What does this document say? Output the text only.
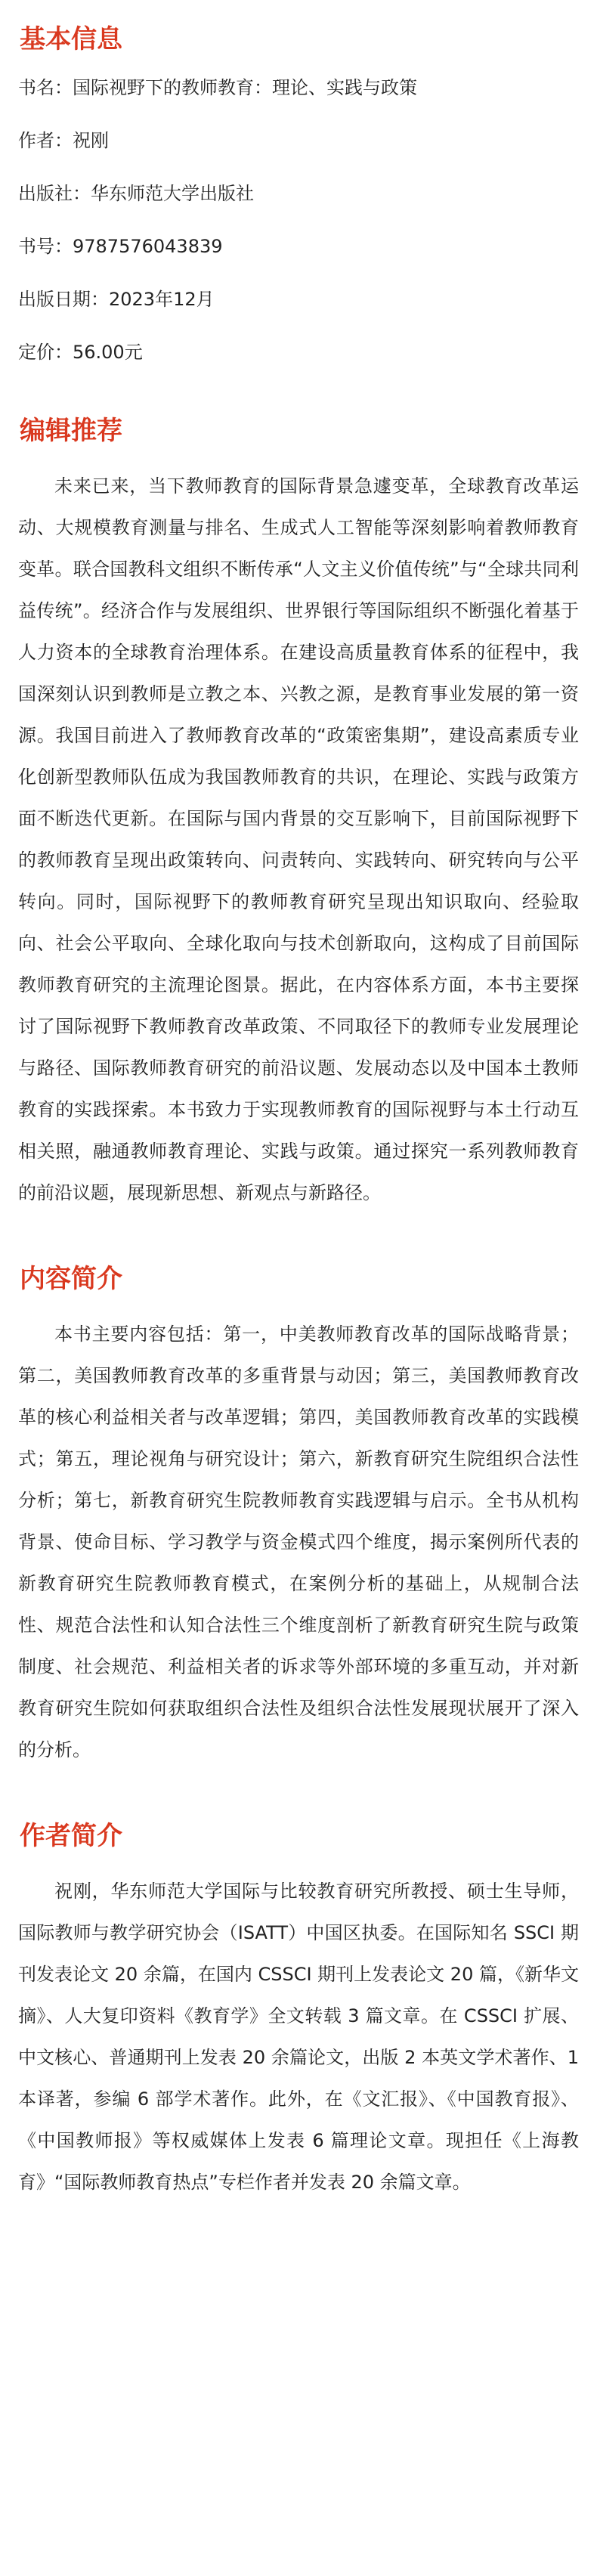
基本信息
书名：国际视野下的教师教育：理论、实践与政策
作者：祝刚
出版社：华东师范大学出版社
书号：9787576043839
出版日期：2023年12月
定价：56.00元
编辑推荐

未来已来，当下教师教育的国际背景急遽变革，全球教育改革运动、大规模教育测量与排名、生成式人工智能等深刻影响着教师教育变革。联合国教科文组织不断传承“人文主义价值传统”与“全球共同利益传统”。经济合作与发展组织、世界银行等国际组织不断强化着基于人力资本的全球教育治理体系。在建设高质量教育体系的征程中，我国深刻认识到教师是立教之本、兴教之源，是教育事业发展的第一资源。我国目前进入了教师教育改革的“政策密集期”，建设高素质专业化创新型教师队伍成为我国教师教育的共识，在理论、实践与政策方面不断迭代更新。在国际与国内背景的交互影响下，目前国际视野下的教师教育呈现出政策转向、问责转向、实践转向、研究转向与公平转向。同时，国际视野下的教师教育研究呈现出知识取向、经验取向、社会公平取向、全球化取向与技术创新取向，这构成了目前国际教师教育研究的主流理论图景。据此，在内容体系方面，本书主要探讨了国际视野下教师教育改革政策、不同取径下的教师专业发展理论与路径、国际教师教育研究的前沿议题、发展动态以及中国本土教师教育的实践探索。本书致力于实现教师教育的国际视野与本土行动互相关照，融通教师教育理论、实践与政策。通过探究一系列教师教育的前沿议题，展现新思想、新观点与新路径。

内容简介

本书主要内容包括：第一，中美教师教育改革的国际战略背景；第二，美国教师教育改革的多重背景与动因；第三，美国教师教育改革的核心利益相关者与改革逻辑；第四，美国教师教育改革的实践模式；第五，理论视角与研究设计；第六，新教育研究生院组织合法性分析；第七，新教育研究生院教师教育实践逻辑与启示。全书从机构背景、使命目标、学习教学与资金模式四个维度，揭示案例所代表的新教育研究生院教师教育模式，在案例分析的基础上，从规制合法性、规范合法性和认知合法性三个维度剖析了新教育研究生院与政策制度、社会规范、利益相关者的诉求等外部环境的多重互动，并对新教育研究生院如何获取组织合法性及组织合法性发展现状展开了深入的分析。

作者简介

祝刚，华东师范大学国际与比较教育研究所教授、硕士生导师，国际教师与教学研究协会（ISATT）中国区执委。在国际知名 SSCI 期刊发表论文 20 余篇，在国内 CSSCI 期刊上发表论文 20 篇，《新华文摘》、人大复印资料《教育学》全文转载 3 篇文章。在 CSSCI 扩展、中文核心、普通期刊上发表 20 余篇论文，出版 2 本英文学术著作、1 本译著，参编 6 部学术著作。此外，在《文汇报》、《中国教育报》、《中国教师报》等权威媒体上发表 6 篇理论文章。现担任《上海教育》“国际教师教育热点”专栏作者并发表 20 余篇文章。
